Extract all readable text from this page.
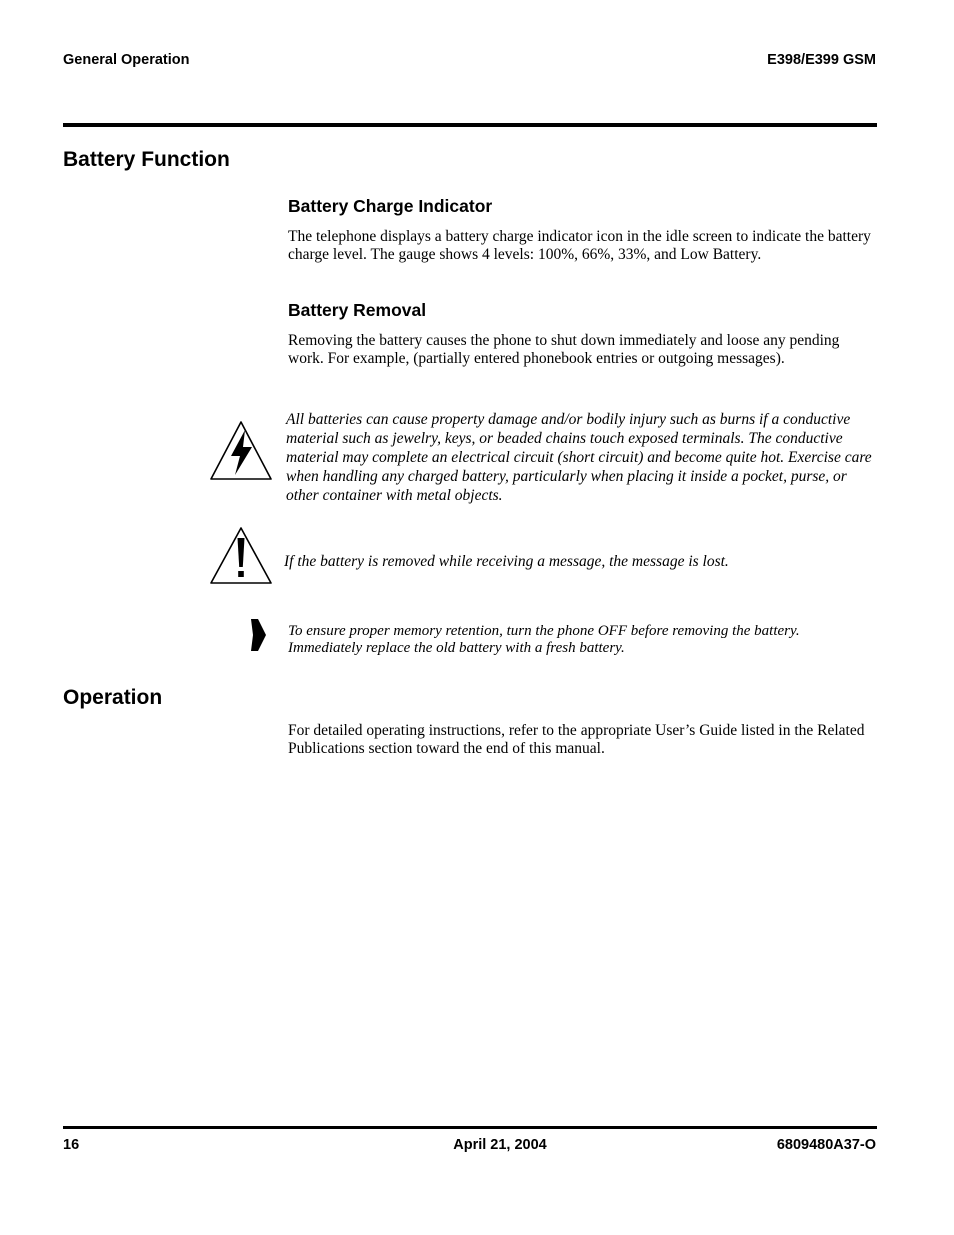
General Operation	E398/E399 GSM
Battery Function
Battery Charge Indicator
The telephone displays a battery charge indicator icon in the idle screen to indicate the battery charge level. The gauge shows 4 levels: 100%, 66%, 33%, and Low Battery.
Battery Removal
Removing the battery causes the phone to shut down immediately and loose any pending work. For example, (partially entered phonebook entries or outgoing messages).
All batteries can cause property damage and/or bodily injury such as burns if a conductive material such as jewelry, keys, or beaded chains touch exposed terminals. The conductive material may complete an electrical circuit (short circuit) and become quite hot. Exercise care when handling any charged battery, particularly when placing it inside a pocket, purse, or other container with metal objects.
If the battery is removed while receiving a message, the message is lost.
To ensure proper memory retention, turn the phone OFF before removing the battery. Immediately replace the old battery with a fresh battery.
Operation
For detailed operating instructions, refer to the appropriate User’s Guide listed in the Related Publications section toward the end of this manual.
16	April 21, 2004	6809480A37-O
